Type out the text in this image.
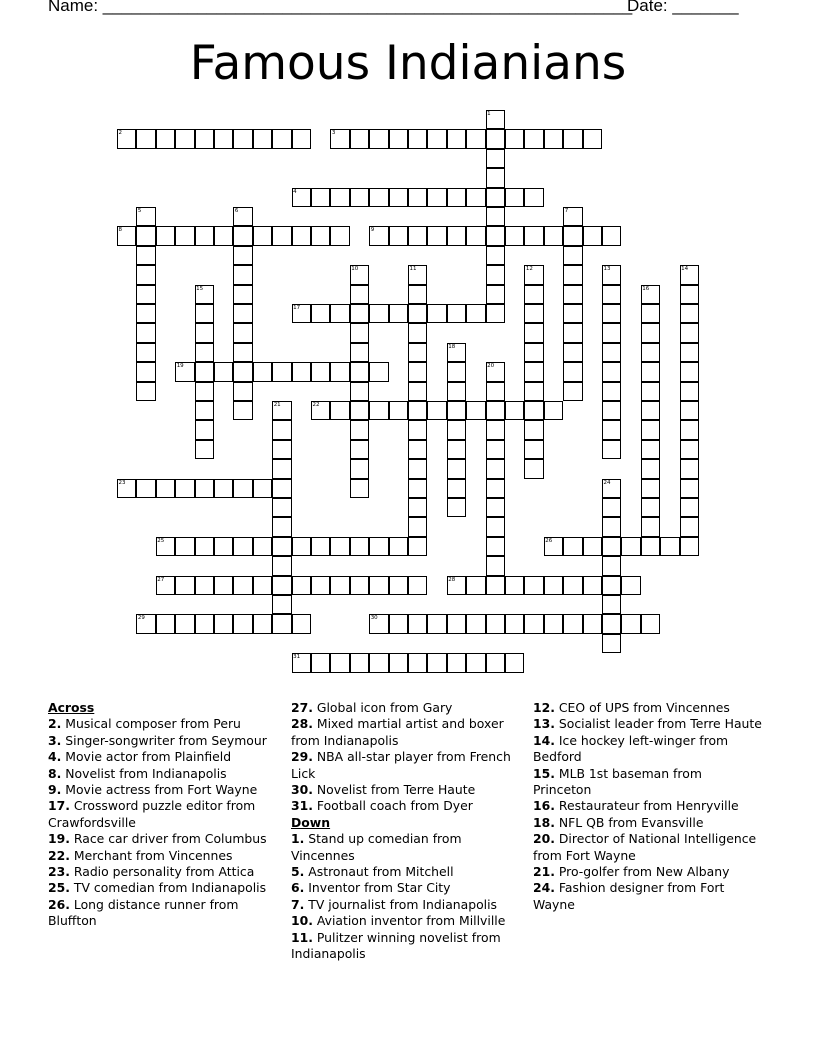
Name: ________________________________________________________
Date: _______
Famous Indianians
1
2	3
4
5	6	7
8	9
10	11	12	13	14
15	16
17
18
19	20
21	22
23	24
25	26
27	28
29	30
31
Across
2. Musical composer from Peru
3. Singer-songwriter from Seymour
4. Movie actor from Plainfield
8. Novelist from Indianapolis
9. Movie actress from Fort Wayne
17. Crossword puzzle editor from Crawfordsville
19. Race car driver from Columbus
22. Merchant from Vincennes
23. Radio personality from Attica
25. TV comedian from Indianapolis
26. Long distance runner from Bluffton
27. Global icon from Gary
28. Mixed martial artist and boxer from Indianapolis
29. NBA all-star player from French Lick
30. Novelist from Terre Haute
31. Football coach from Dyer
Down
1. Stand up comedian from Vincennes
5. Astronaut from Mitchell
6. Inventor from Star City
7. TV journalist from Indianapolis
10. Aviation inventor from Millville
11. Pulitzer winning novelist from Indianapolis
12. CEO of UPS from Vincennes
13. Socialist leader from Terre Haute
14. Ice hockey left-winger from Bedford
15. MLB 1st baseman from Princeton
16. Restaurateur from Henryville
18. NFL QB from Evansville
20. Director of National Intelligence from Fort Wayne
21. Pro-golfer from New Albany
24. Fashion designer from Fort Wayne
